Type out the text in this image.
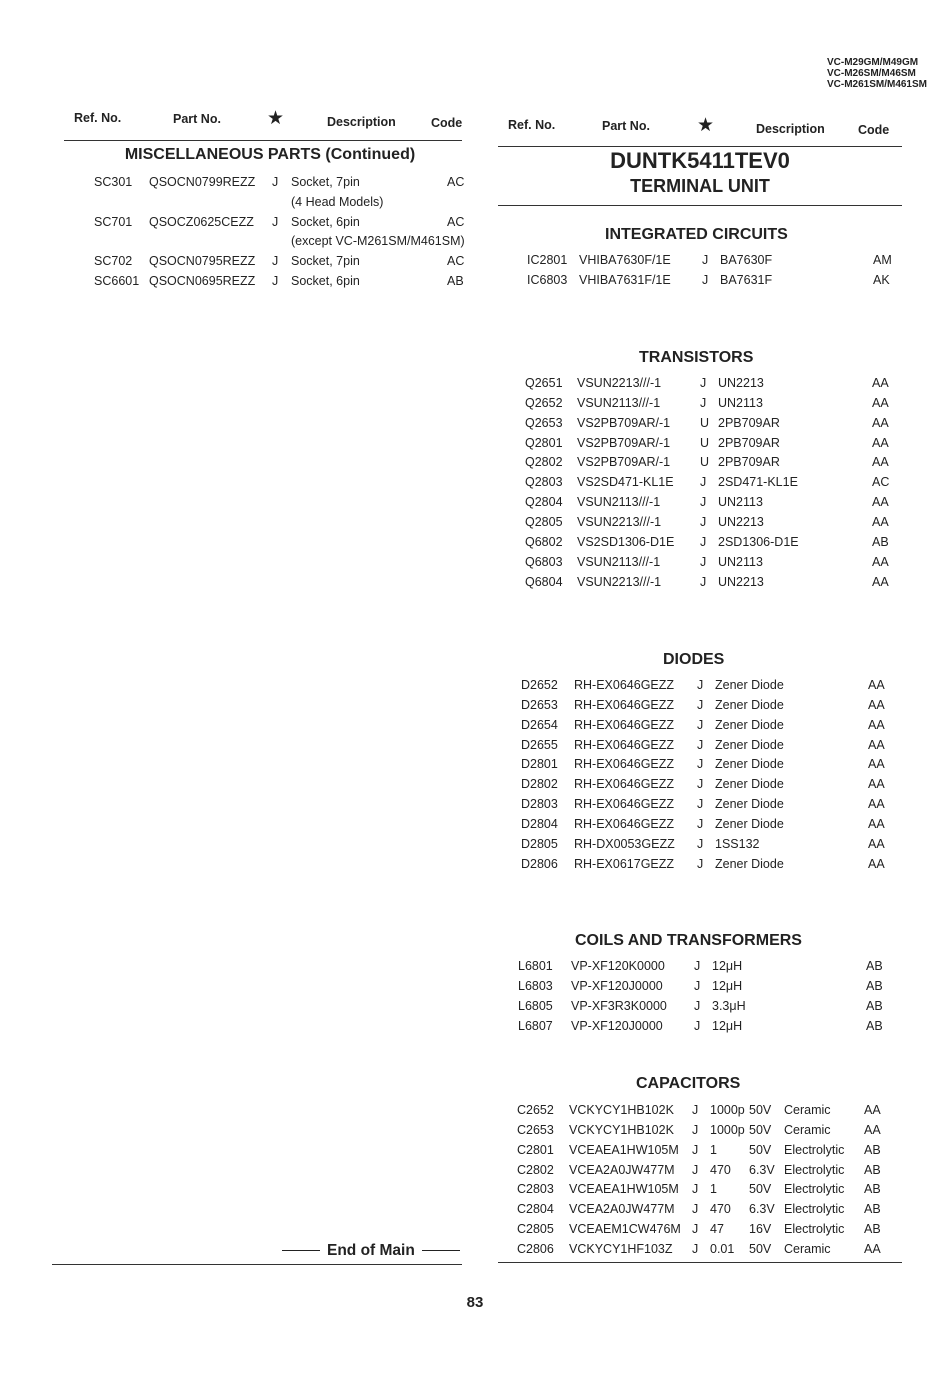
VC-M29GM/M49GM
VC-M26SM/M46SM
VC-M261SM/M461SM
Ref. No.	Part No. ★	Description	Code	Ref. No.	Part No. ★	Description	Code
MISCELLANEOUS PARTS (Continued)
SC301 QSOCN0799REZZ J Socket, 7pin	AC
(4 Head Models)
SC701 QSOCZ0625CEZZ J Socket, 6pin	AC
(except VC-M261SM/M461SM)
SC702 QSOCN0795REZZ J Socket, 7pin	AC
SC6601 QSOCN0695REZZ J Socket, 6pin	AB
DUNTK5411TEV0
TERMINAL UNIT
INTEGRATED CIRCUITS
IC2801 VHIBA7630F/1E	J BA7630F	AM
IC6803 VHIBA7631F/1E	J BA7631F	AK
TRANSISTORS
Q2651 VSUN2213///-1	J UN2213	AA
Q2652 VSUN2113///-1	J UN2113	AA
Q2653 VS2PB709AR/-1 U 2PB709AR	AA
Q2801 VS2PB709AR/-1 U 2PB709AR	AA
Q2802 VS2PB709AR/-1 U 2PB709AR	AA
Q2803 VS2SD471-KL1E J 2SD471-KL1E	AC
Q2804 VSUN2113///-1	J UN2113	AA
Q2805 VSUN2213///-1	J UN2213	AA
Q6802 VS2SD1306-D1E J 2SD1306-D1E	AB
Q6803 VSUN2113///-1	J UN2113	AA
Q6804 VSUN2213///-1	J UN2213	AA
DIODES
D2652 RH-EX0646GEZZ J Zener Diode	AA
D2653 RH-EX0646GEZZ J Zener Diode	AA
D2654 RH-EX0646GEZZ J Zener Diode	AA
D2655 RH-EX0646GEZZ J Zener Diode	AA
D2801 RH-EX0646GEZZ J Zener Diode	AA
D2802 RH-EX0646GEZZ J Zener Diode	AA
D2803 RH-EX0646GEZZ J Zener Diode	AA
D2804 RH-EX0646GEZZ J Zener Diode	AA
D2805 RH-DX0053GEZZ J 1SS132	AA
D2806 RH-EX0617GEZZ J Zener Diode	AA
COILS AND TRANSFORMERS
L6801 VP-XF120K0000 J 12μH	AB
L6803 VP-XF120J0000	J 12μH	AB
L6805 VP-XF3R3K0000 J 3.3μH	AB
L6807 VP-XF120J0000	J 12μH	AB
CAPACITORS
C2652 VCKYCY1HB102K J 1000p 50V Ceramic	AA
C2653 VCKYCY1HB102K J 1000p 50V Ceramic	AA
C2801 VCEAEA1HW105M J 1	50V Electrolytic AB
C2802 VCEA2A0JW477M J 470 6.3V Electrolytic AB
C2803 VCEAEA1HW105M J 1	50V Electrolytic AB
C2804 VCEA2A0JW477M J 470 6.3V Electrolytic AB
C2805 VCEAEM1CW476M J 47 16V Electrolytic AB
C2806 VCKYCY1HF103Z J 0.01 50V Ceramic	AA
End of Main
83
